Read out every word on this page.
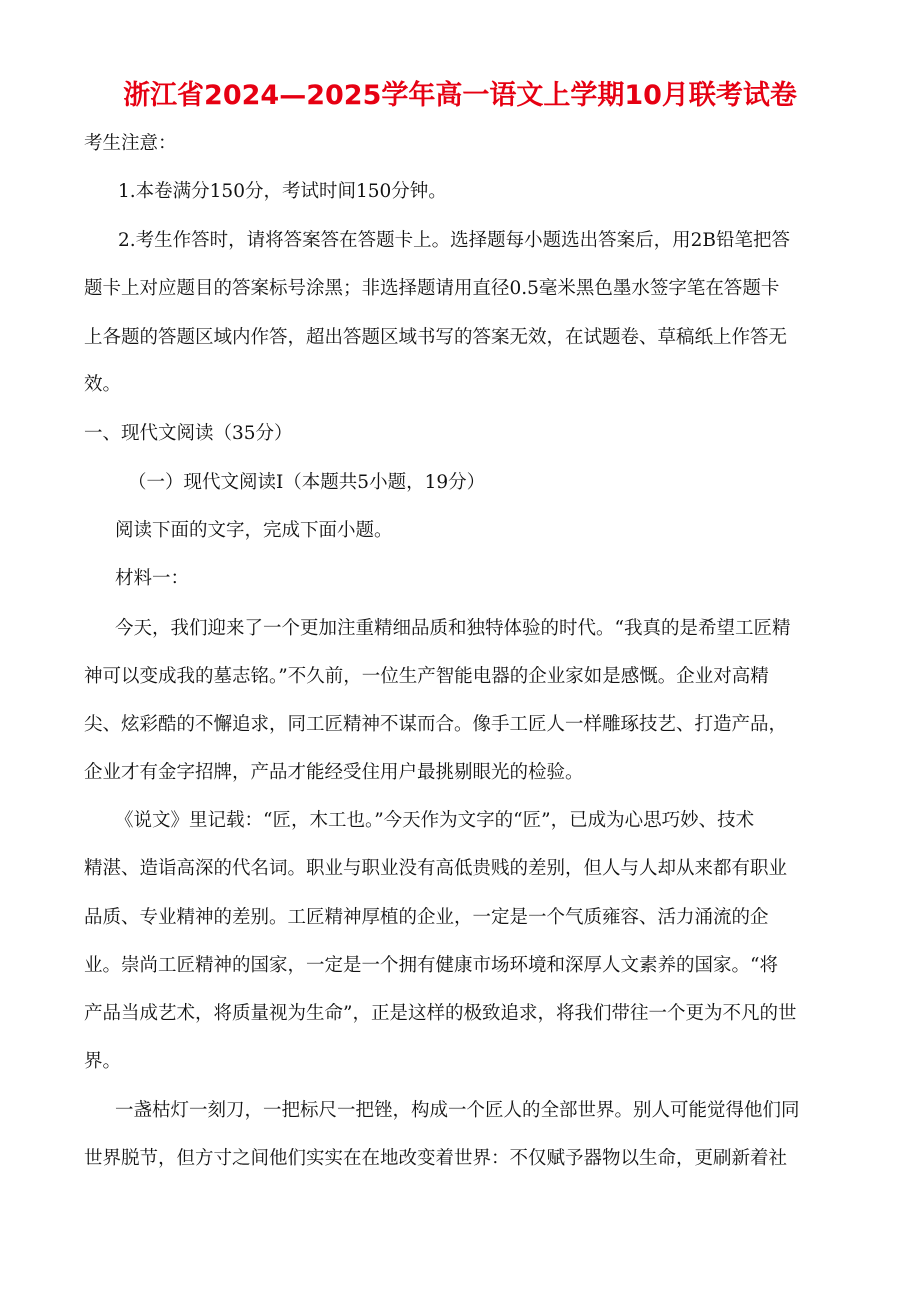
浙江省2024—2025学年高一语文上学期10月联考试卷

考生注意：

1.本卷满分150分，考试时间150分钟。

2.考生作答时，请将答案答在答题卡上。选择题每小题选出答案后，用2B铅笔把答

题卡上对应题目的答案标号涂黑；非选择题请用直径0.5毫米黑色墨水签字笔在答题卡

上各题的答题区域内作答，超出答题区域书写的答案无效，在试题卷、草稿纸上作答无

效。

一、现代文阅读（35分）

（一）现代文阅读Ⅰ（本题共5小题，19分）

阅读下面的文字，完成下面小题。

材料一：

今天，我们迎来了一个更加注重精细品质和独特体验的时代。“我真的是希望工匠精

神可以变成我的墓志铭。”不久前，一位生产智能电器的企业家如是感慨。企业对高精

尖、炫彩酷的不懈追求，同工匠精神不谋而合。像手工匠人一样雕琢技艺、打造产品，

企业才有金字招牌，产品才能经受住用户最挑剔眼光的检验。

《说文》里记载：“匠，木工也。”今天作为文字的“匠”，已成为心思巧妙、技术

精湛、造诣高深的代名词。职业与职业没有高低贵贱的差别，但人与人却从来都有职业

品质、专业精神的差别。工匠精神厚植的企业，一定是一个气质雍容、活力涌流的企

业。崇尚工匠精神的国家，一定是一个拥有健康市场环境和深厚人文素养的国家。“将

产品当成艺术，将质量视为生命”，正是这样的极致追求，将我们带往一个更为不凡的世

界。

一盏枯灯一刻刀，一把标尺一把锉，构成一个匠人的全部世界。别人可能觉得他们同

世界脱节，但方寸之间他们实实在在地改变着世界：不仅赋予器物以生命，更刷新着社
